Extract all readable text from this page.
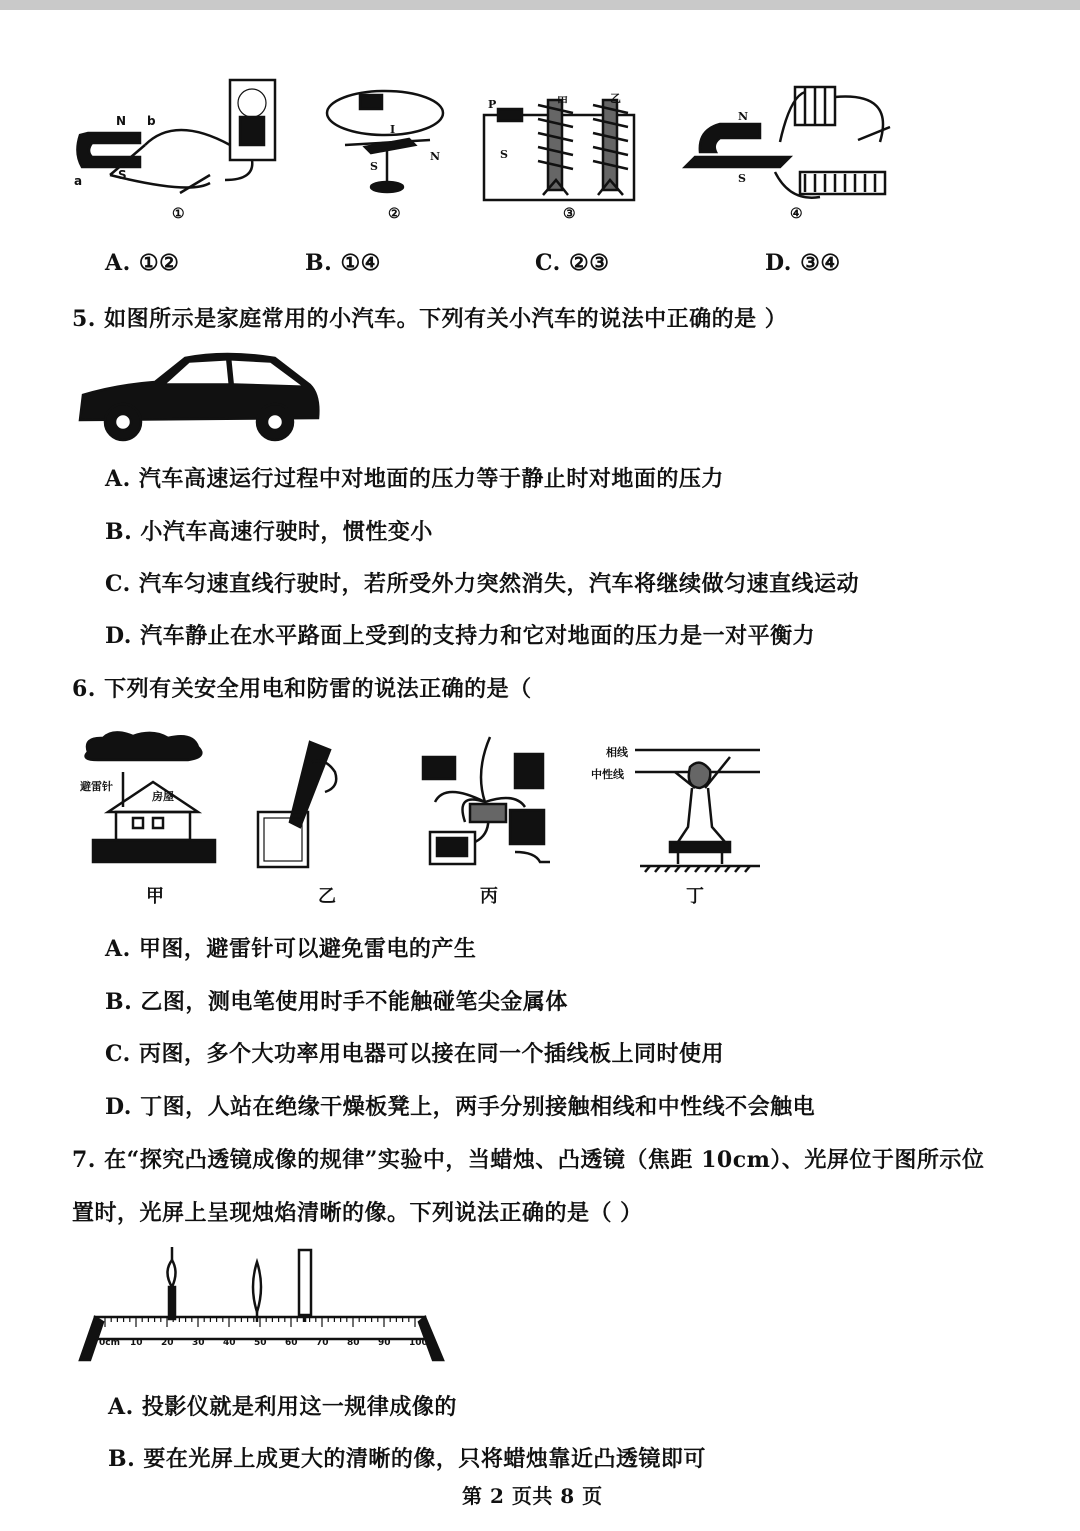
N b
a	S
①
I
S
N
②
P	甲	乙
S
③
N
S
④
A. ①②	B. ①④	C. ②③	D. ③④
5. 如图所示是家庭常用的小汽车。下列有关小汽车的说法中正确的是 ）
A. 汽车高速运行过程中对地面的压力等于静止时对地面的压力
B. 小汽车高速行驶时，惯性变小
C. 汽车匀速直线行驶时，若所受外力突然消失，汽车将继续做匀速直线运动
D. 汽车静止在水平路面上受到的支持力和它对地面的压力是一对平衡力
6. 下列有关安全用电和防雷的说法正确的是（
避雷针
房屋
相线
中性线
甲	乙	丙	丁
A. 甲图，避雷针可以避免雷电的产生
B. 乙图，测电笔使用时手不能触碰笔尖金属体
C. 丙图，多个大功率用电器可以接在同一个插线板上同时使用
D. 丁图，人站在绝缘干燥板凳上，两手分别接触相线和中性线不会触电
7. 在“探究凸透镜成像的规律”实验中，当蜡烛、凸透镜（焦距 10cm）、光屏位于图所示位
置时，光屏上呈现烛焰清晰的像。下列说法正确的是（ ）
0cm 10 20 30 40 50 60 70 80 90 100
A. 投影仪就是利用这一规律成像的
B. 要在光屏上成更大的清晰的像，只将蜡烛靠近凸透镜即可
第 2 页共 8 页
